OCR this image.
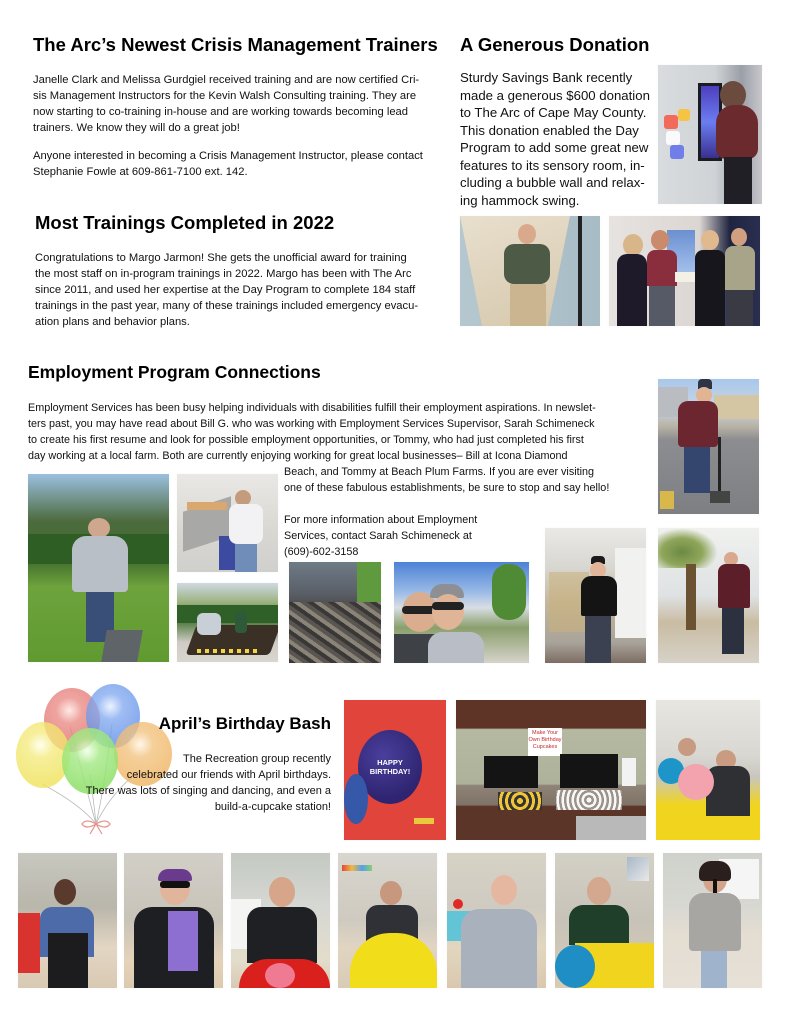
The Arc’s Newest Crisis Management Trainers
Janelle Clark and Melissa Gurdgiel received training and are now certified Cri-
sis Management Instructors for the Kevin Walsh Consulting training. They are
now starting to co-training in-house and are working towards becoming lead
trainers. We know they will do a great job!
Anyone interested in becoming a Crisis Management Instructor, please contact
Stephanie Fowle at 609-861-7100 ext. 142.
Most Trainings Completed in 2022
Congratulations to Margo Jarmon! She gets the unofficial award for training
the most staff on in-program trainings in 2022. Margo has been with The Arc
since 2011, and used her expertise at the Day Program to complete 184 staff
trainings in the past year, many of these trainings included emergency evacu-
ation plans and behavior plans.
A Generous Donation
Sturdy Savings Bank recently
made a generous $600 donation
to The Arc of Cape May County.
This donation enabled the Day
Program to add some great new
features to its sensory room, in-
cluding a bubble wall and relax-
ing hammock swing.
Employment Program Connections
Employment Services has been busy helping individuals with disabilities fulfill their employment aspirations. In newslet-
ters past, you may have read about Bill G. who was working with Employment Services Supervisor, Sarah Schimeneck
to create his first resume and look for possible employment opportunities, or Tommy, who had just completed his first
day working at a local farm. Both are currently enjoying working for great local businesses– Bill at Icona Diamond
Beach, and Tommy at Beach Plum Farms. If you are ever visiting
one of these fabulous establishments, be sure to stop and say hello!
For more information about Employment
Services, contact Sarah Schimeneck at
(609)-602-3158
April’s Birthday Bash
The Recreation group recently
celebrated our friends with April birthdays.
There was lots of singing and dancing, and even a
build-a-cupcake station!
HAPPY BIRTHDAY!
Make Your Own Birthday Cupcakes
